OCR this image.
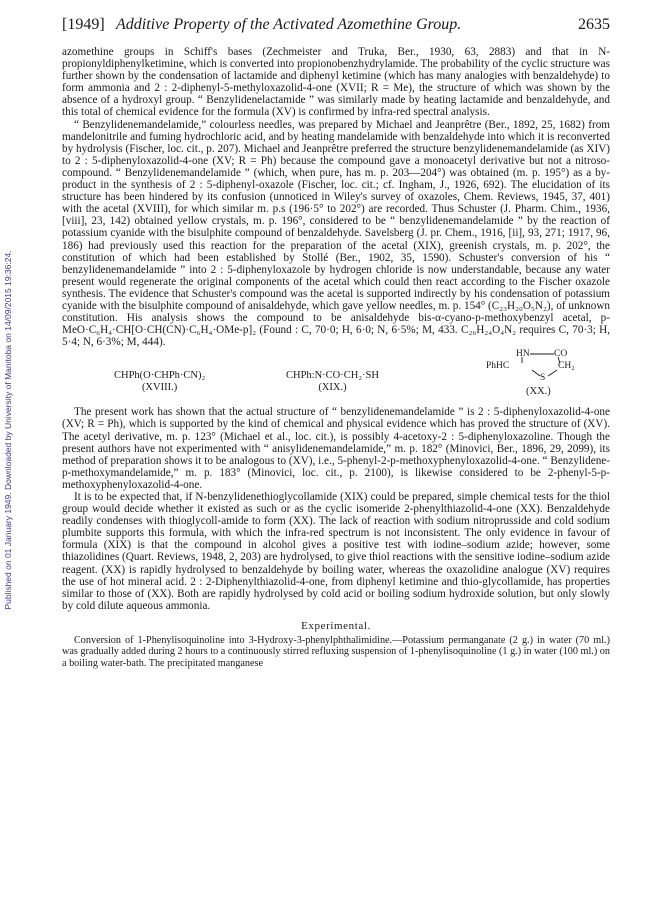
Published on 01 January 1949. Downloaded by University of Manitoba on 14/09/2015 19:36:24.
[1949] Additive Property of the Activated Azomethine Group.	2635

azomethine groups in Schiff's bases (Zechmeister and Truka, Ber., 1930, 63, 2883) and that in N-propionyldiphenylketimine, which is converted into propionobenzhydrylamide. The probability of the cyclic structure was further shown by the condensation of lactamide and diphenyl ketimine (which has many analogies with benzaldehyde) to form ammonia and 2 : 2-diphenyl-5-methyloxazolid-4-one (XVII; R = Me), the structure of which was shown by the absence of a hydroxyl group. “ Benzylidenelactamide ” was similarly made by heating lactamide and benzaldehyde, and this total of chemical evidence for the formula (XV) is confirmed by infra-red spectral analysis.

“ Benzylidenemandelamide,” colourless needles, was prepared by Michael and Jeanprêtre (Ber., 1892, 25, 1682) from mandelonitrile and fuming hydrochloric acid, and by heating mandelamide with benzaldehyde into which it is reconverted by hydrolysis (Fischer, loc. cit., p. 207). Michael and Jeanprêtre preferred the structure benzylidenemandelamide (as XIV) to 2 : 5-diphenyloxazolid-4-one (XV; R = Ph) because the compound gave a monoacetyl derivative but not a nitroso-compound. “ Benzylidenemandelamide ” (which, when pure, has m. p. 203—204°) was obtained (m. p. 195°) as a by-product in the synthesis of 2 : 5-diphenyl-oxazole (Fischer, loc. cit.; cf. Ingham, J., 1926, 692). The elucidation of its structure has been hindered by its confusion (unnoticed in Wiley's survey of oxazoles, Chem. Reviews, 1945, 37, 401) with the acetal (XVIII), for which similar m. p.s (196·5° to 202°) are recorded. Thus Schuster (J. Pharm. Chim., 1936, [viii], 23, 142) obtained yellow crystals, m. p. 196°, considered to be “ benzylidenemandelamide ” by the reaction of potassium cyanide with the bisulphite compound of benzaldehyde. Savelsberg (J. pr. Chem., 1916, [ii], 93, 271; 1917, 96, 186) had previously used this reaction for the preparation of the acetal (XIX), greenish crystals, m. p. 202°, the constitution of which had been established by Stollé (Ber., 1902, 35, 1590). Schuster's conversion of his “ benzylidenemandelamide ” into 2 : 5-diphenyloxazole by hydrogen chloride is now understandable, because any water present would regenerate the original components of the acetal which could then react according to the Fischer oxazole synthesis. The evidence that Schuster's compound was the acetal is supported indirectly by his condensation of potassium cyanide with the bisulphite compound of anisaldehyde, which gave yellow needles, m. p. 154° (C₂₃H₂₀O₅N₂), of unknown constitution. His analysis shows the compound to be anisaldehyde bis-α-cyano-p-methoxybenzyl acetal, p-MeO·C₆H₄·CH[O·CH(CN)·C₆H₄·OMe-p]₂ (Found : C, 70·0; H, 6·0; N, 6·5%; M, 433. C₂₆H₂₄O₄N₂ requires C, 70·3; H, 5·4; N, 6·3%; M, 444).

CHPh(O·CHPh·CN)₂
(XVIII.)
CHPh:N·CO·CH₂·SH
(XIX.)
HN	CO
PhHC	CH₂
S
(XX.)

The present work has shown that the actual structure of “ benzylidenemandelamide ” is 2 : 5-diphenyloxazolid-4-one (XV; R = Ph), which is supported by the kind of chemical and physical evidence which has proved the structure of (XV). The acetyl derivative, m. p. 123° (Michael et al., loc. cit.), is possibly 4-acetoxy-2 : 5-diphenyloxazoline. Though the present authors have not experimented with “ anisylidenemandelamide,” m. p. 182° (Minovici, Ber., 1896, 29, 2099), its method of preparation shows it to be analogous to (XV), i.e., 5-phenyl-2-p-methoxyphenyloxazolid-4-one. “ Benzylidene-p-methoxymandelamide,” m. p. 183° (Minovici, loc. cit., p. 2100), is likewise considered to be 2-phenyl-5-p-methoxyphenyloxazolid-4-one.

It is to be expected that, if N-benzylidenethioglycollamide (XIX) could be prepared, simple chemical tests for the thiol group would decide whether it existed as such or as the cyclic isomeride 2-phenylthiazolid-4-one (XX). Benzaldehyde readily condenses with thioglycoll-amide to form (XX). The lack of reaction with sodium nitroprusside and cold sodium plumbite supports this formula, with which the infra-red spectrum is not inconsistent. The only evidence in favour of formula (XIX) is that the compound in alcohol gives a positive test with iodine–sodium azide; however, some thiazolidines (Quart. Reviews, 1948, 2, 203) are hydrolysed, to give thiol reactions with the sensitive iodine–sodium azide reagent. (XX) is rapidly hydrolysed to benzaldehyde by boiling water, whereas the oxazolidine analogue (XV) requires the use of hot mineral acid. 2 : 2-Diphenylthiazolid-4-one, from diphenyl ketimine and thio-glycollamide, has properties similar to those of (XX). Both are rapidly hydrolysed by cold acid or boiling sodium hydroxide solution, but only slowly by cold dilute aqueous ammonia.

Experimental.

Conversion of 1-Phenylisoquinoline into 3-Hydroxy-3-phenylphthalimidine.—Potassium permanganate (2 g.) in water (70 ml.) was gradually added during 2 hours to a continuously stirred refluxing suspension of 1-phenylisoquinoline (1 g.) in water (100 ml.) on a boiling water-bath. The precipitated manganese
